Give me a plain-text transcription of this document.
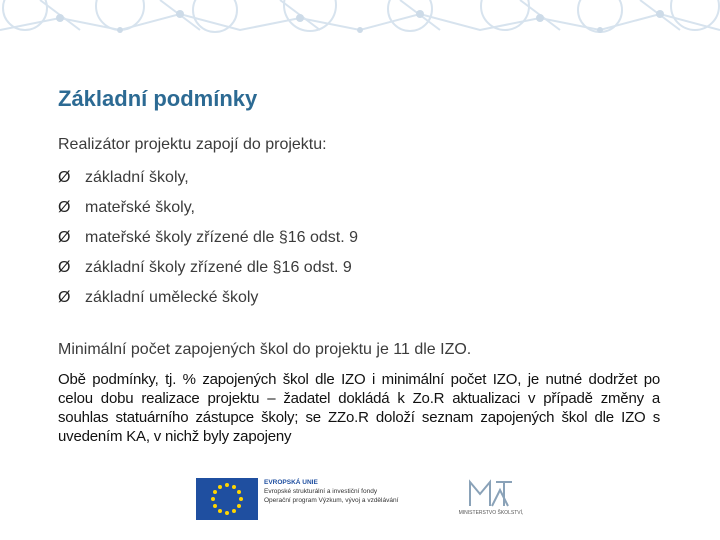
Základní podmínky
Realizátor projektu zapojí do projektu:
Ø základní školy,
Ø mateřské školy,
Ø mateřské školy zřízené dle §16 odst. 9
Ø základní školy zřízené dle §16 odst. 9
Ø základní umělecké školy
Minimální počet zapojených škol do projektu je 11 dle IZO.
Obě podmínky, tj. % zapojených škol dle IZO i minimální počet IZO, je nutné dodržet po celou dobu realizace projektu – žadatel dokládá k Zo.R aktualizaci v případě změny a souhlas statuárního zástupce školy; se ZZo.R doloží seznam zapojených škol dle IZO s uvedením KA, v nichž byly zapojeny
EVROPSKÁ UNIE
Evropské strukturální a investiční fondy
Operační program Výzkum, vývoj a vzdělávání
MINISTERSTVO ŠKOLSTVÍ,
